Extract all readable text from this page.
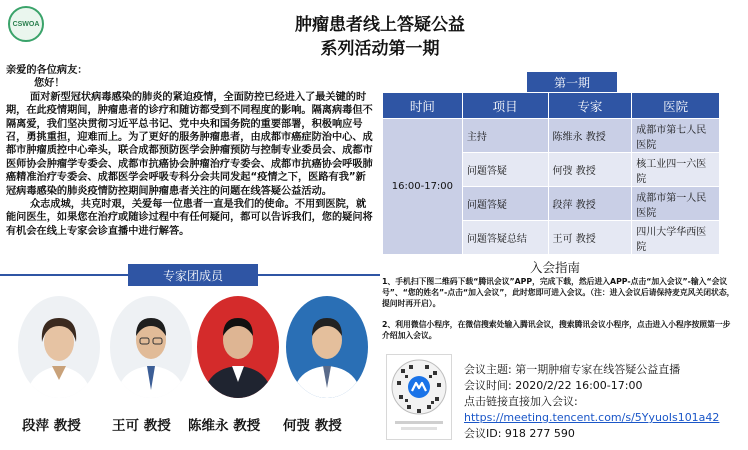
CSWOA	肿瘤患者线上答疑公益
系列活动第一期

亲爱的各位病友：

您好！

面对新型冠状病毒感染的肺炎的紧迫疫情，全面防控已经进入了最关键的时期，在此疫情期间，肿瘤患者的诊疗和随访都受到不同程度的影响。隔离病毒但不隔离爱，我们坚决贯彻习近平总书记、党中央和国务院的重要部署，积极响应号召，勇挑重担，迎难而上。为了更好的服务肿瘤患者，由成都市癌症防治中心、成都市肿瘤质控中心牵头，联合成都预防医学会肿瘤预防与控制专业委员会、成都市医师协会肿瘤学专委会、成都市抗癌协会肿瘤治疗专委会、成都市抗癌协会呼吸肺癌精准治疗专委会、成都医学会呼吸专科分会共同发起“疫情之下，医路有我”新冠病毒感染的肺炎疫情防控期间肿瘤患者关注的问题在线答疑公益活动。

众志成城，共克时艰，关爱每一位患者一直是我们的使命。不用到医院，就能问医生，如果您在治疗或随诊过程中有任何疑问，都可以告诉我们，您的疑问将有机会在线上专家会诊直播中进行解答。

专家团成员
段萍 教授 王可 教授 陈维永 教授 何弢 教授
第一期
时间	项目	专家	医院
16:00-17:00	主持	陈维永 教授	成都市第七人民医院
	问题答疑	何弢 教授	核工业四一六医院
	问题答疑	段萍 教授	成都市第一人民医院
	问题答疑总结	王可 教授	四川大学华西医院
入会指南

1、手机扫下图二维码下载“腾讯会议”APP，完成下载，然后进入APP-点击“加入会议”-输入“会议号”、“您的姓名”-点击“加入会议”，此时您即可进入会议。（注：进入会议后请保持麦克风关闭状态，提问时再开启）。

2、利用微信小程序，在微信搜索处输入腾讯会议，搜索腾讯会议小程序，点击进入小程序按照第一步介绍加入会议。

会议主题: 第一期肿瘤专家在线答疑公益直播
会议时间: 2020/2/22 16:00-17:00
点击链接直接加入会议:
https://meeting.tencent.com/s/5YyuoIs101a42
会议ID: 918 277 590
